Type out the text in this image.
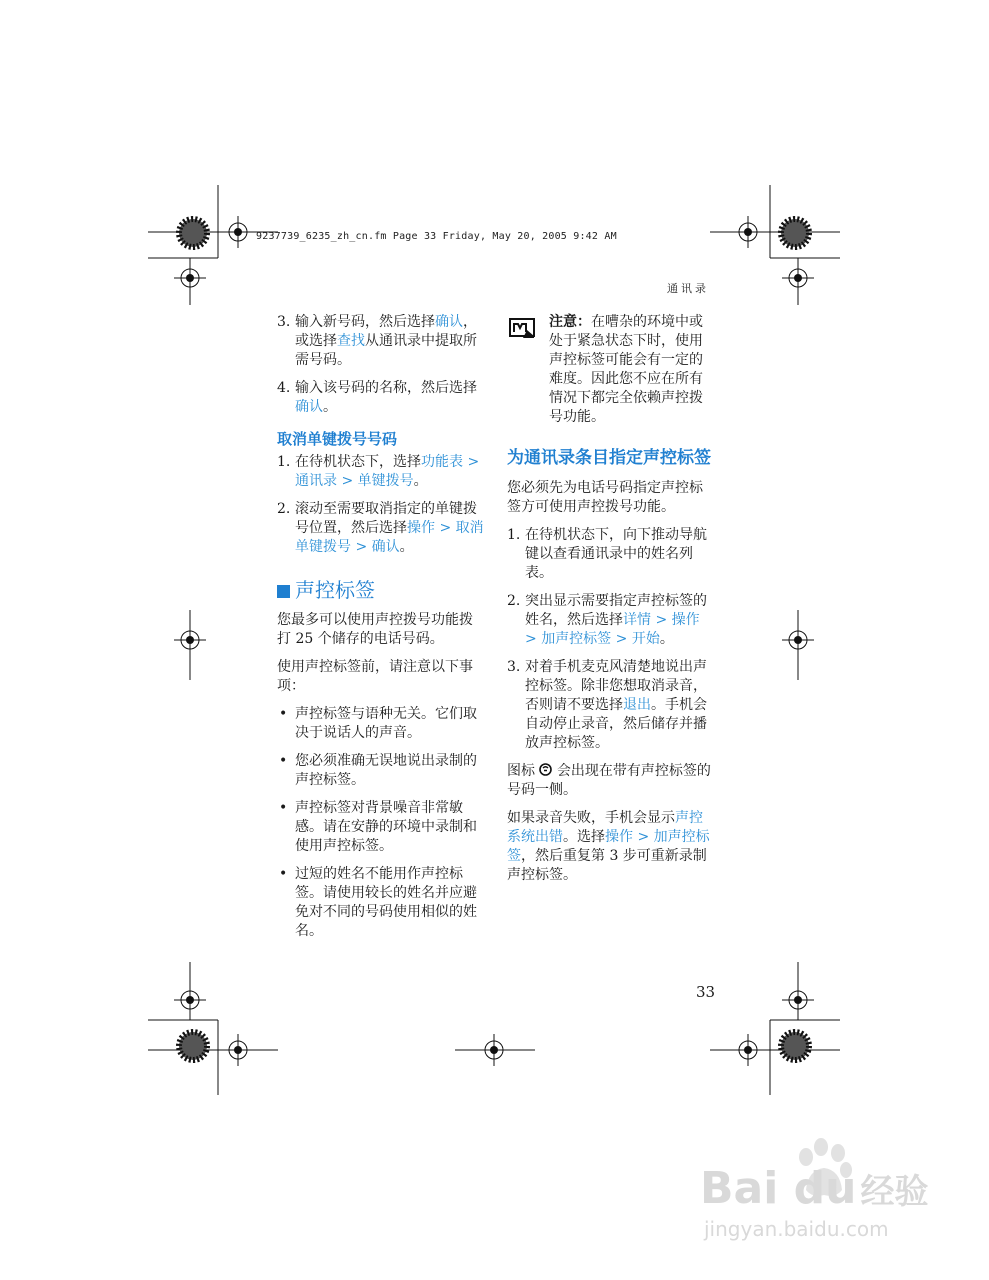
9237739_6235_zh_cn.fm Page 33 Friday, May 20, 2005 9:42 AM
通讯录
3. 输入新号码，然后选择确认，或选择查找从通讯录中提取所需号码。
4. 输入该号码的名称，然后选择确认。
取消单键拨号号码
1. 在待机状态下，选择功能表 > 通讯录 > 单键拨号。
2. 滚动至需要取消指定的单键拨号位置，然后选择操作 > 取消单键拨号 > 确认。
声控标签

您最多可以使用声控拨号功能拨打 25 个储存的电话号码。

使用声控标签前，请注意以下事项：

• 声控标签与语种无关。它们取决于说话人的声音。
• 您必须准确无误地说出录制的声控标签。
• 声控标签对背景噪音非常敏感。请在安静的环境中录制和使用声控标签。
• 过短的姓名不能用作声控标签。请使用较长的姓名并应避免对不同的号码使用相似的姓名。
注意：在嘈杂的环境中或处于紧急状态下时，使用声控标签可能会有一定的难度。因此您不应在所有情况下都完全依赖声控拨号功能。
为通讯录条目指定声控标签

您必须先为电话号码指定声控标签方可使用声控拨号功能。

1. 在待机状态下，向下推动导航键以查看通讯录中的姓名列表。
2. 突出显示需要指定声控标签的姓名，然后选择详情 > 操作 > 加声控标签 > 开始。
3. 对着手机麦克风清楚地说出声控标签。除非您想取消录音，否则请不要选择退出。手机会自动停止录音，然后储存并播放声控标签。

图标  会出现在带有声控标签的号码一侧。

如果录音失败，手机会显示声控系统出错。选择操作 > 加声控标签，然后重复第 3 步可重新录制声控标签。

33
Bai du 经验
jingyan.baidu.com
